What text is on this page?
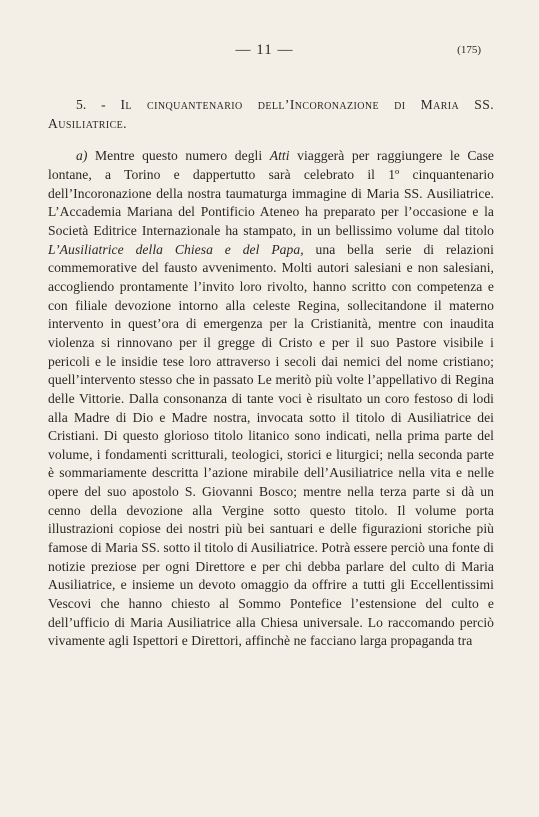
— 11 —	(175)

5. - Il cinquantenario dell’Incoronazione di Maria SS. Ausiliatrice.

a) Mentre questo numero degli Atti viaggerà per raggiungere le Case lontane, a Torino e dappertutto sarà celebrato il 1º cinquantenario dell’Incoronazione della nostra taumaturga immagine di Maria SS. Ausiliatrice. L’Accademia Mariana del Pontificio Ateneo ha preparato per l’occasione e la Società Editrice Internazionale ha stampato, in un bellissimo volume dal titolo L’Ausiliatrice della Chiesa e del Papa, una bella serie di relazioni commemorative del fausto avvenimento. Molti autori salesiani e non salesiani, accogliendo prontamente l’invito loro rivolto, hanno scritto con competenza e con filiale devozione intorno alla celeste Regina, sollecitandone il materno intervento in quest’ora di emergenza per la Cristianità, mentre con inaudita violenza si rinnovano per il gregge di Cristo e per il suo Pastore visibile i pericoli e le insidie tese loro attraverso i secoli dai nemici del nome cristiano; quell’intervento stesso che in passato Le meritò più volte l’appellativo di Regina delle Vittorie. Dalla consonanza di tante voci è risultato un coro festoso di lodi alla Madre di Dio e Madre nostra, invocata sotto il titolo di Ausiliatrice dei Cristiani. Di questo glorioso titolo litanico sono indicati, nella prima parte del volume, i fondamenti scritturali, teologici, storici e liturgici; nella seconda parte è sommariamente descritta l’azione mirabile dell’Ausiliatrice nella vita e nelle opere del suo apostolo S. Giovanni Bosco; mentre nella terza parte si dà un cenno della devozione alla Vergine sotto questo titolo. Il volume porta illustrazioni copiose dei nostri più bei santuari e delle figurazioni storiche più famose di Maria SS. sotto il titolo di Ausiliatrice. Potrà essere perciò una fonte di notizie preziose per ogni Direttore e per chi debba parlare del culto di Maria Ausiliatrice, e insieme un devoto omaggio da offrire a tutti gli Eccellentissimi Vescovi che hanno chiesto al Sommo Pontefice l’estensione del culto e dell’ufficio di Maria Ausiliatrice alla Chiesa universale. Lo raccomando perciò vivamente agli Ispettori e Direttori, affinchè ne facciano larga propaganda tra
